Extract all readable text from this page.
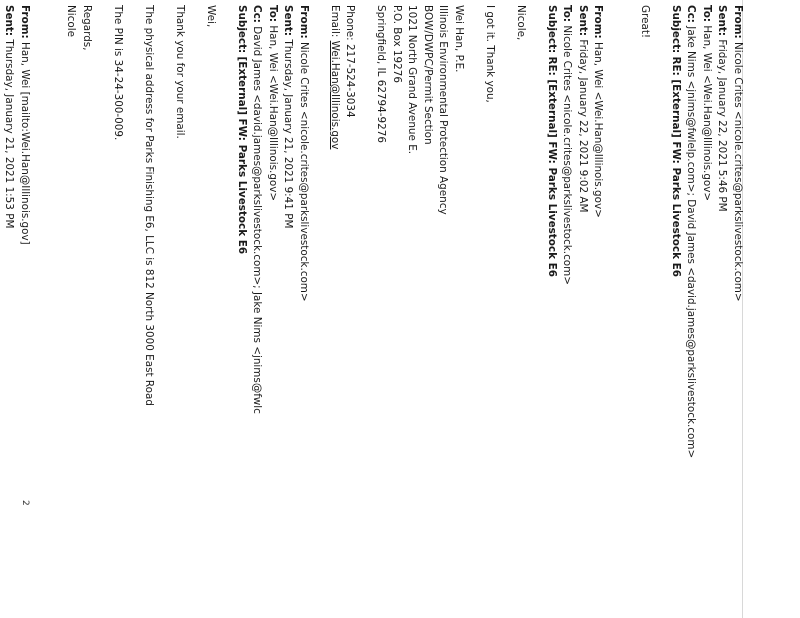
From: Nicole Crites <nicole.crites@parkslivestock.com>
Sent: Friday, January 22, 2021 5:46 PM
To: Han, Wei <Wei.Han@Illinois.gov>
Cc: Jake Nims <jnims@fwlelp.com>; David James <david.james@parkslivestock.com>
Subject: RE: [External] FW: Parks Livestock E6
Great!
From: Han, Wei <Wei.Han@Illinois.gov>
Sent: Friday, January 22, 2021 9:02 AM
To: Nicole Crites <nicole.crites@parkslivestock.com>
Subject: RE: [External] FW: Parks Livestock E6
Nicole,
I got it. Thank you,
Wei Han, P.E.
Illinois Environmental Protection Agency
BOW/DWPC/Permit Section
1021 North Grand Avenue E.
P.O. Box 19276
Springfield, IL 62794-9276
Phone: 217-524-3034
Email: Wei.Han@Illinois.gov
From: Nicole Crites <nicole.crites@parkslivestock.com>
Sent: Thursday, January 21, 2021 9:41 PM
To: Han, Wei <Wei.Han@Illinois.gov>
Cc: David James <david.james@parkslivestock.com>; Jake Nims <jnims@fwlc
Subject: [External] FW: Parks Livestock E6
Wei,
Thank you for your email.
The physical address for Parks Finishing E6, LLC is 812 North 3000 East Road
The PIN is 34-24-300-009.
Regards,
Nicole
From: Han, Wei [mailto:Wei.Han@Illinois.gov]
Sent: Thursday, January 21, 2021 1:53 PM
2
